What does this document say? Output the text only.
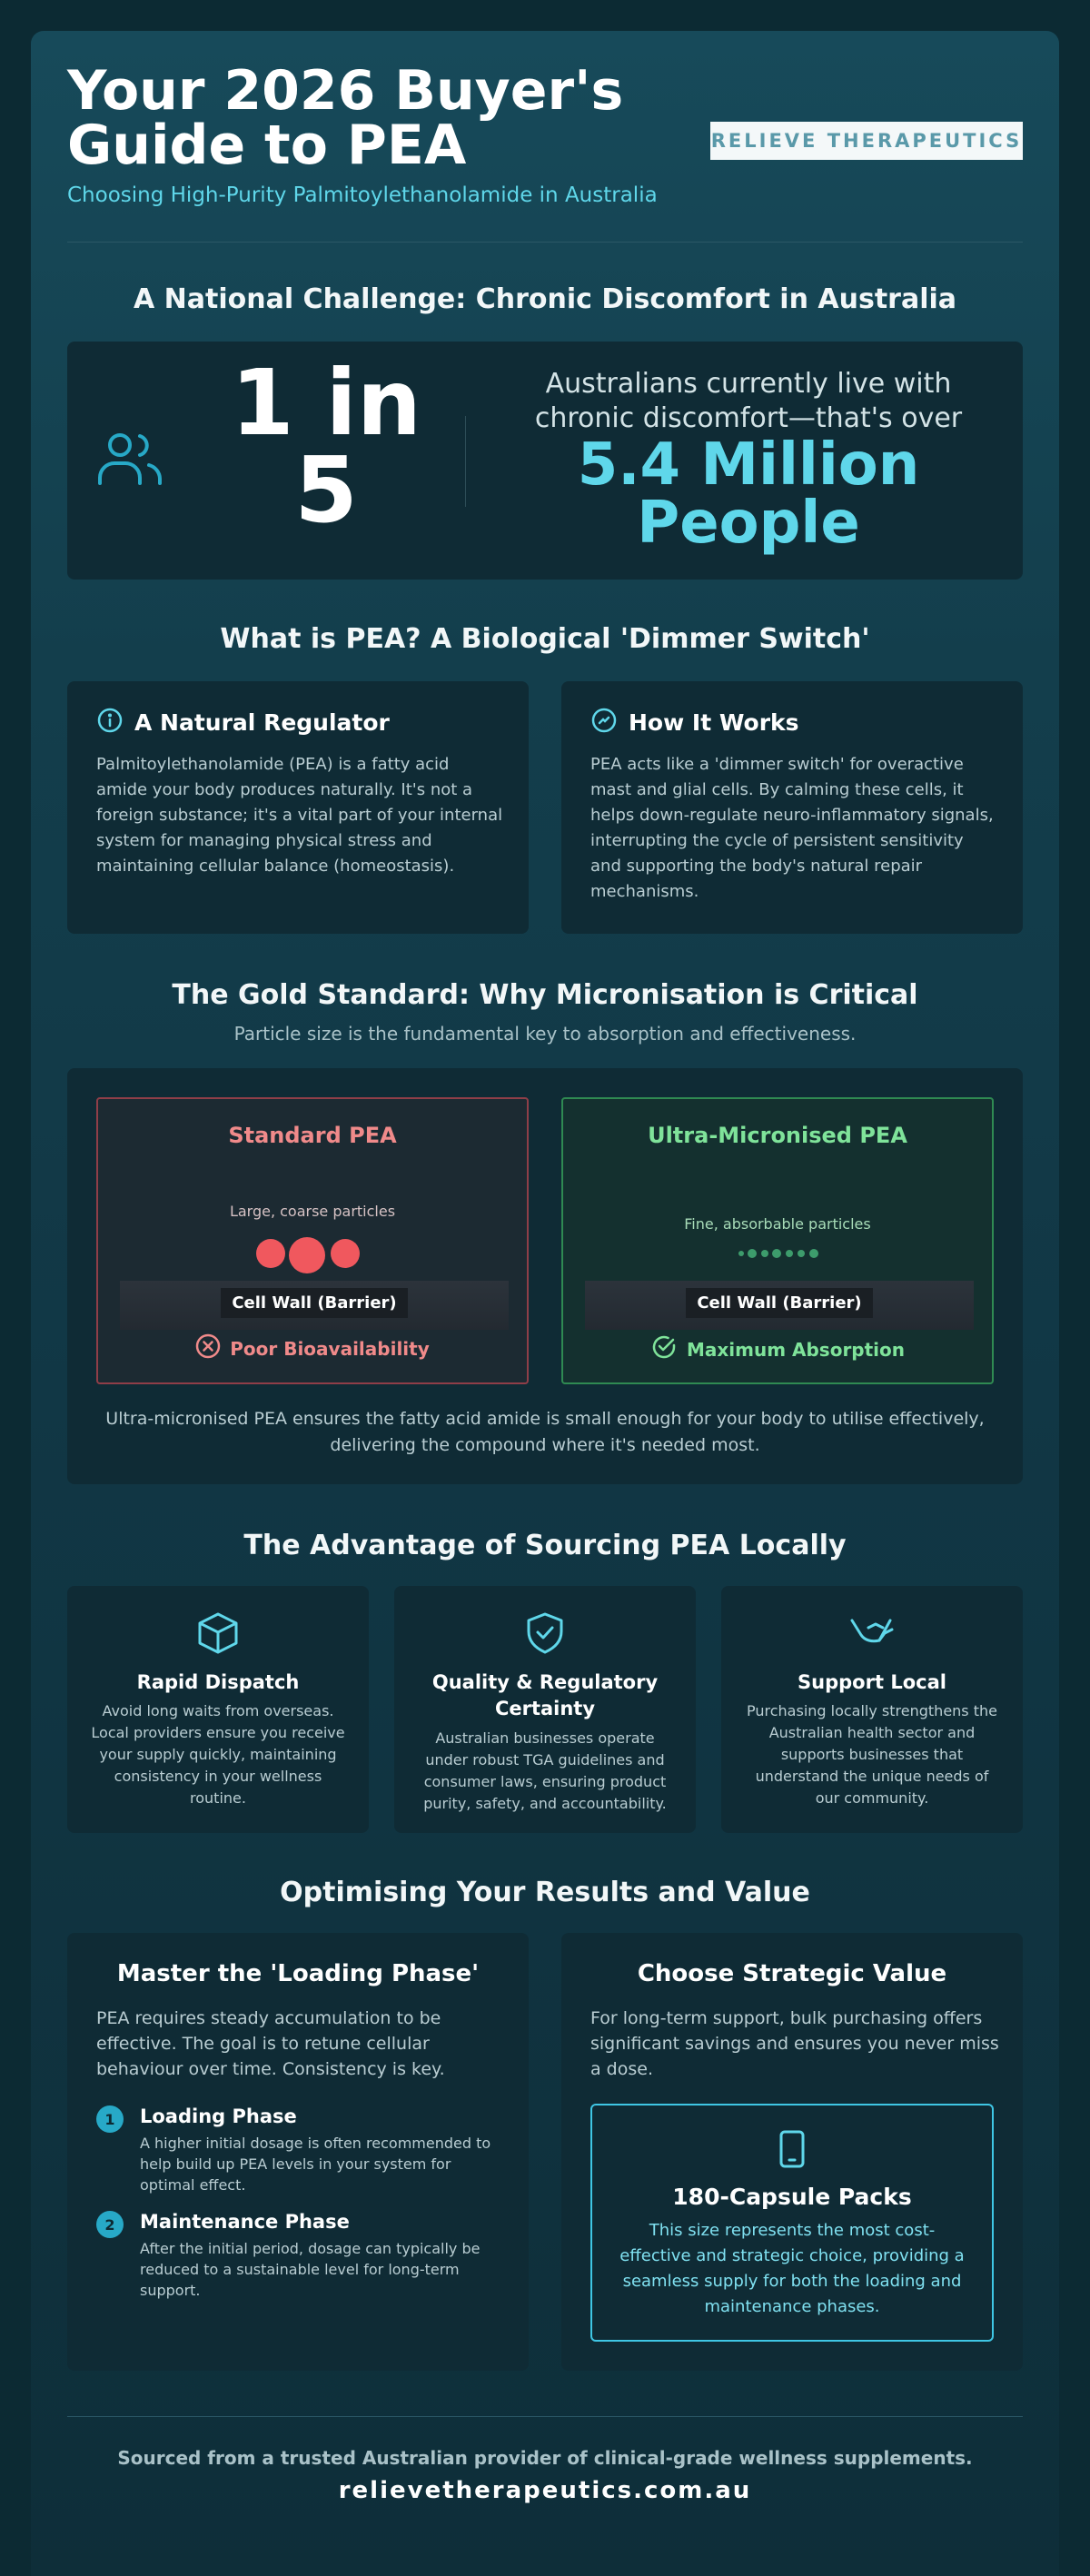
Your 2026 Buyer's Guide to PEA
Choosing High-Purity Palmitoylethanolamide in Australia
RELIEVE THERAPEUTICS
A National Challenge: Chronic Discomfort in Australia
1 in 5
Australians currently live with chronic discomfort—that's over
5.4 Million People
What is PEA? A Biological 'Dimmer Switch'
A Natural Regulator
Palmitoylethanolamide (PEA) is a fatty acid amide your body produces naturally. It's not a foreign substance; it's a vital part of your internal system for managing physical stress and maintaining cellular balance (homeostasis).
How It Works
PEA acts like a 'dimmer switch' for overactive mast and glial cells. By calming these cells, it helps down-regulate neuro-inflammatory signals, interrupting the cycle of persistent sensitivity and supporting the body's natural repair mechanisms.
The Gold Standard: Why Micronisation is Critical
Particle size is the fundamental key to absorption and effectiveness.
Standard PEA
Large, coarse particles
Cell Wall (Barrier)
Poor Bioavailability
Ultra-Micronised PEA
Fine, absorbable particles
Cell Wall (Barrier)
Maximum Absorption
Ultra-micronised PEA ensures the fatty acid amide is small enough for your body to utilise effectively, delivering the compound where it's needed most.
The Advantage of Sourcing PEA Locally
Rapid Dispatch
Avoid long waits from overseas. Local providers ensure you receive your supply quickly, maintaining consistency in your wellness routine.
Quality & Regulatory Certainty
Australian businesses operate under robust TGA guidelines and consumer laws, ensuring product purity, safety, and accountability.
Support Local
Purchasing locally strengthens the Australian health sector and supports businesses that understand the unique needs of our community.
Optimising Your Results and Value
Master the 'Loading Phase'
PEA requires steady accumulation to be effective. The goal is to retune cellular behaviour over time. Consistency is key.
1	Loading Phase
A higher initial dosage is often recommended to help build up PEA levels in your system for optimal effect.
2	Maintenance Phase
After the initial period, dosage can typically be reduced to a sustainable level for long-term support.
Choose Strategic Value
For long-term support, bulk purchasing offers significant savings and ensures you never miss a dose.
180-Capsule Packs
This size represents the most cost-effective and strategic choice, providing a seamless supply for both the loading and maintenance phases.
Sourced from a trusted Australian provider of clinical-grade wellness supplements.
relievetherapeutics.com.au
